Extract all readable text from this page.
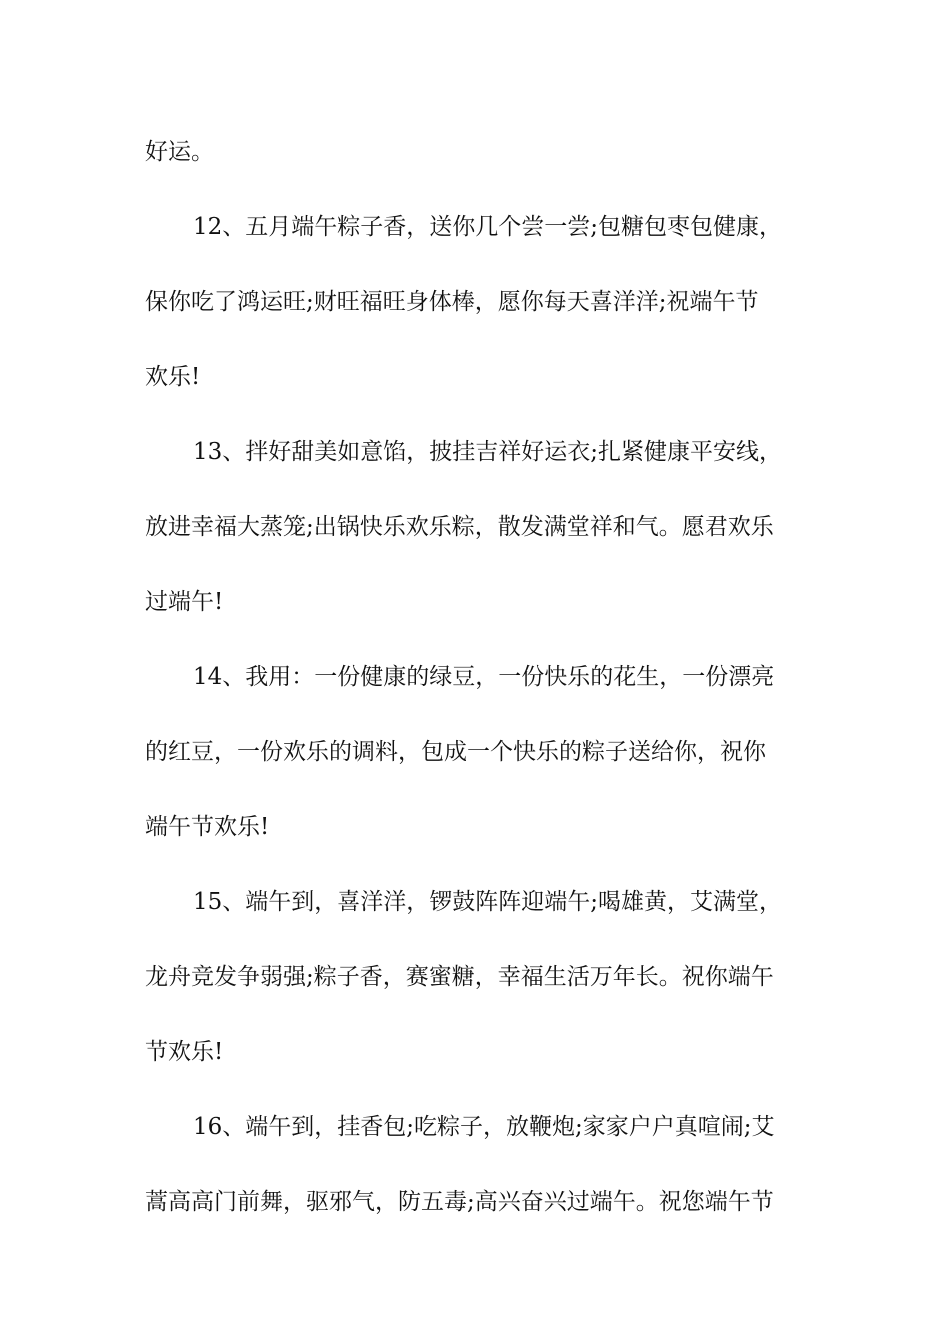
好运。

12、五月端午粽子香，送你几个尝一尝;包糖包枣包健康，

保你吃了鸿运旺;财旺福旺身体棒，愿你每天喜洋洋;祝端午节

欢乐!

13、拌好甜美如意馅，披挂吉祥好运衣;扎紧健康平安线，

放进幸福大蒸笼;出锅快乐欢乐粽，散发满堂祥和气。愿君欢乐

过端午!

14、我用：一份健康的绿豆，一份快乐的花生，一份漂亮

的红豆，一份欢乐的调料，包成一个快乐的粽子送给你，祝你

端午节欢乐!

15、端午到，喜洋洋，锣鼓阵阵迎端午;喝雄黄，艾满堂，

龙舟竞发争弱强;粽子香，赛蜜糖，幸福生活万年长。祝你端午

节欢乐!

16、端午到，挂香包;吃粽子，放鞭炮;家家户户真喧闹;艾

蒿高高门前舞，驱邪气，防五毒;高兴奋兴过端午。祝您端午节
